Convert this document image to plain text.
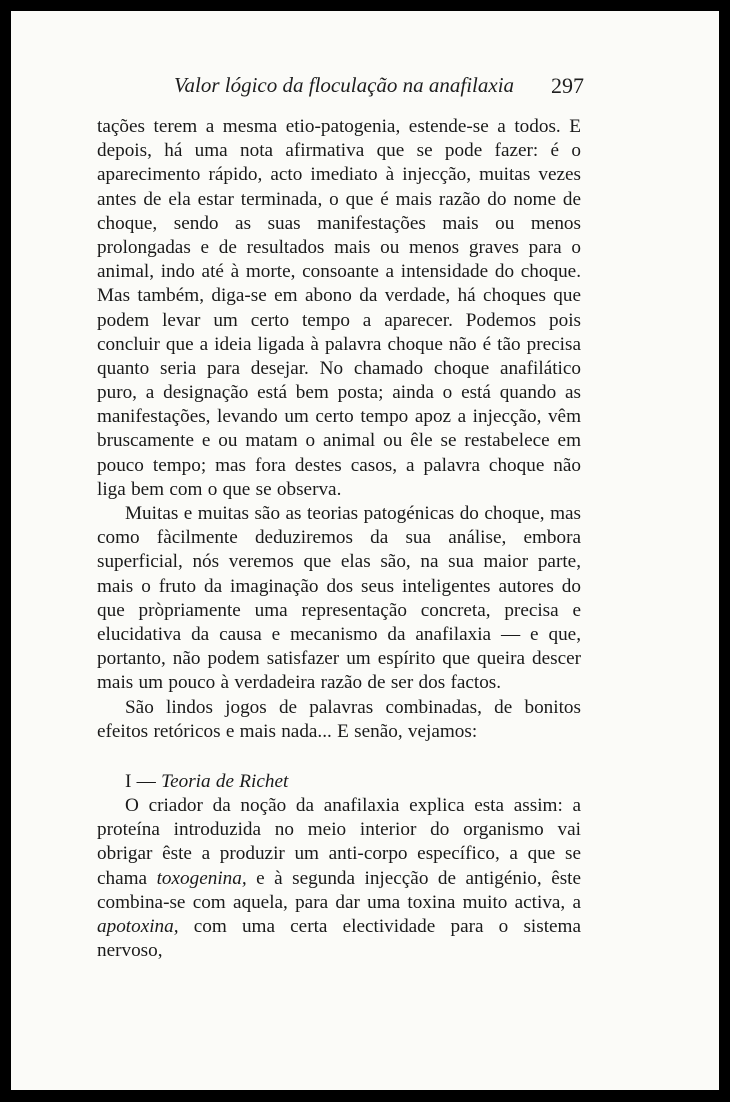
Valor lógico da floculação na anafilaxia 297

tações terem a mesma etio-patogenia, estende-se a todos. E depois, há uma nota afirmativa que se pode fazer: é o aparecimento rápido, acto imediato à injecção, muitas vezes antes de ela estar terminada, o que é mais razão do nome de choque, sendo as suas manifestações mais ou menos prolongadas e de resultados mais ou menos graves para o animal, indo até à morte, consoante a intensidade do choque. Mas também, diga-se em abono da verdade, há choques que podem levar um certo tempo a aparecer. Podemos pois concluir que a ideia ligada à palavra choque não é tão precisa quanto seria para desejar. No chamado choque anafilático puro, a designação está bem posta; ainda o está quando as manifestações, levando um certo tempo apoz a injecção, vêm bruscamente e ou matam o animal ou êle se restabelece em pouco tempo; mas fora destes casos, a palavra choque não liga bem com o que se observa.

Muitas e muitas são as teorias patogénicas do choque, mas como fàcilmente deduziremos da sua análise, embora superficial, nós veremos que elas são, na sua maior parte, mais o fruto da imaginação dos seus inteligentes autores do que pròpriamente uma representação concreta, precisa e elucidativa da causa e mecanismo da anafilaxia — e que, portanto, não podem satisfazer um espírito que queira descer mais um pouco à verdadeira razão de ser dos factos.

São lindos jogos de palavras combinadas, de bonitos efeitos retóricos e mais nada... E senão, vejamos:

I — Teoria de Richet

O criador da noção da anafilaxia explica esta assim: a proteína introduzida no meio interior do organismo vai obrigar êste a produzir um anti-corpo específico, a que se chama toxogenina, e à segunda injecção de antigénio, êste combina-se com aquela, para dar uma toxina muito activa, a apotoxina, com uma certa electividade para o sistema nervoso,
